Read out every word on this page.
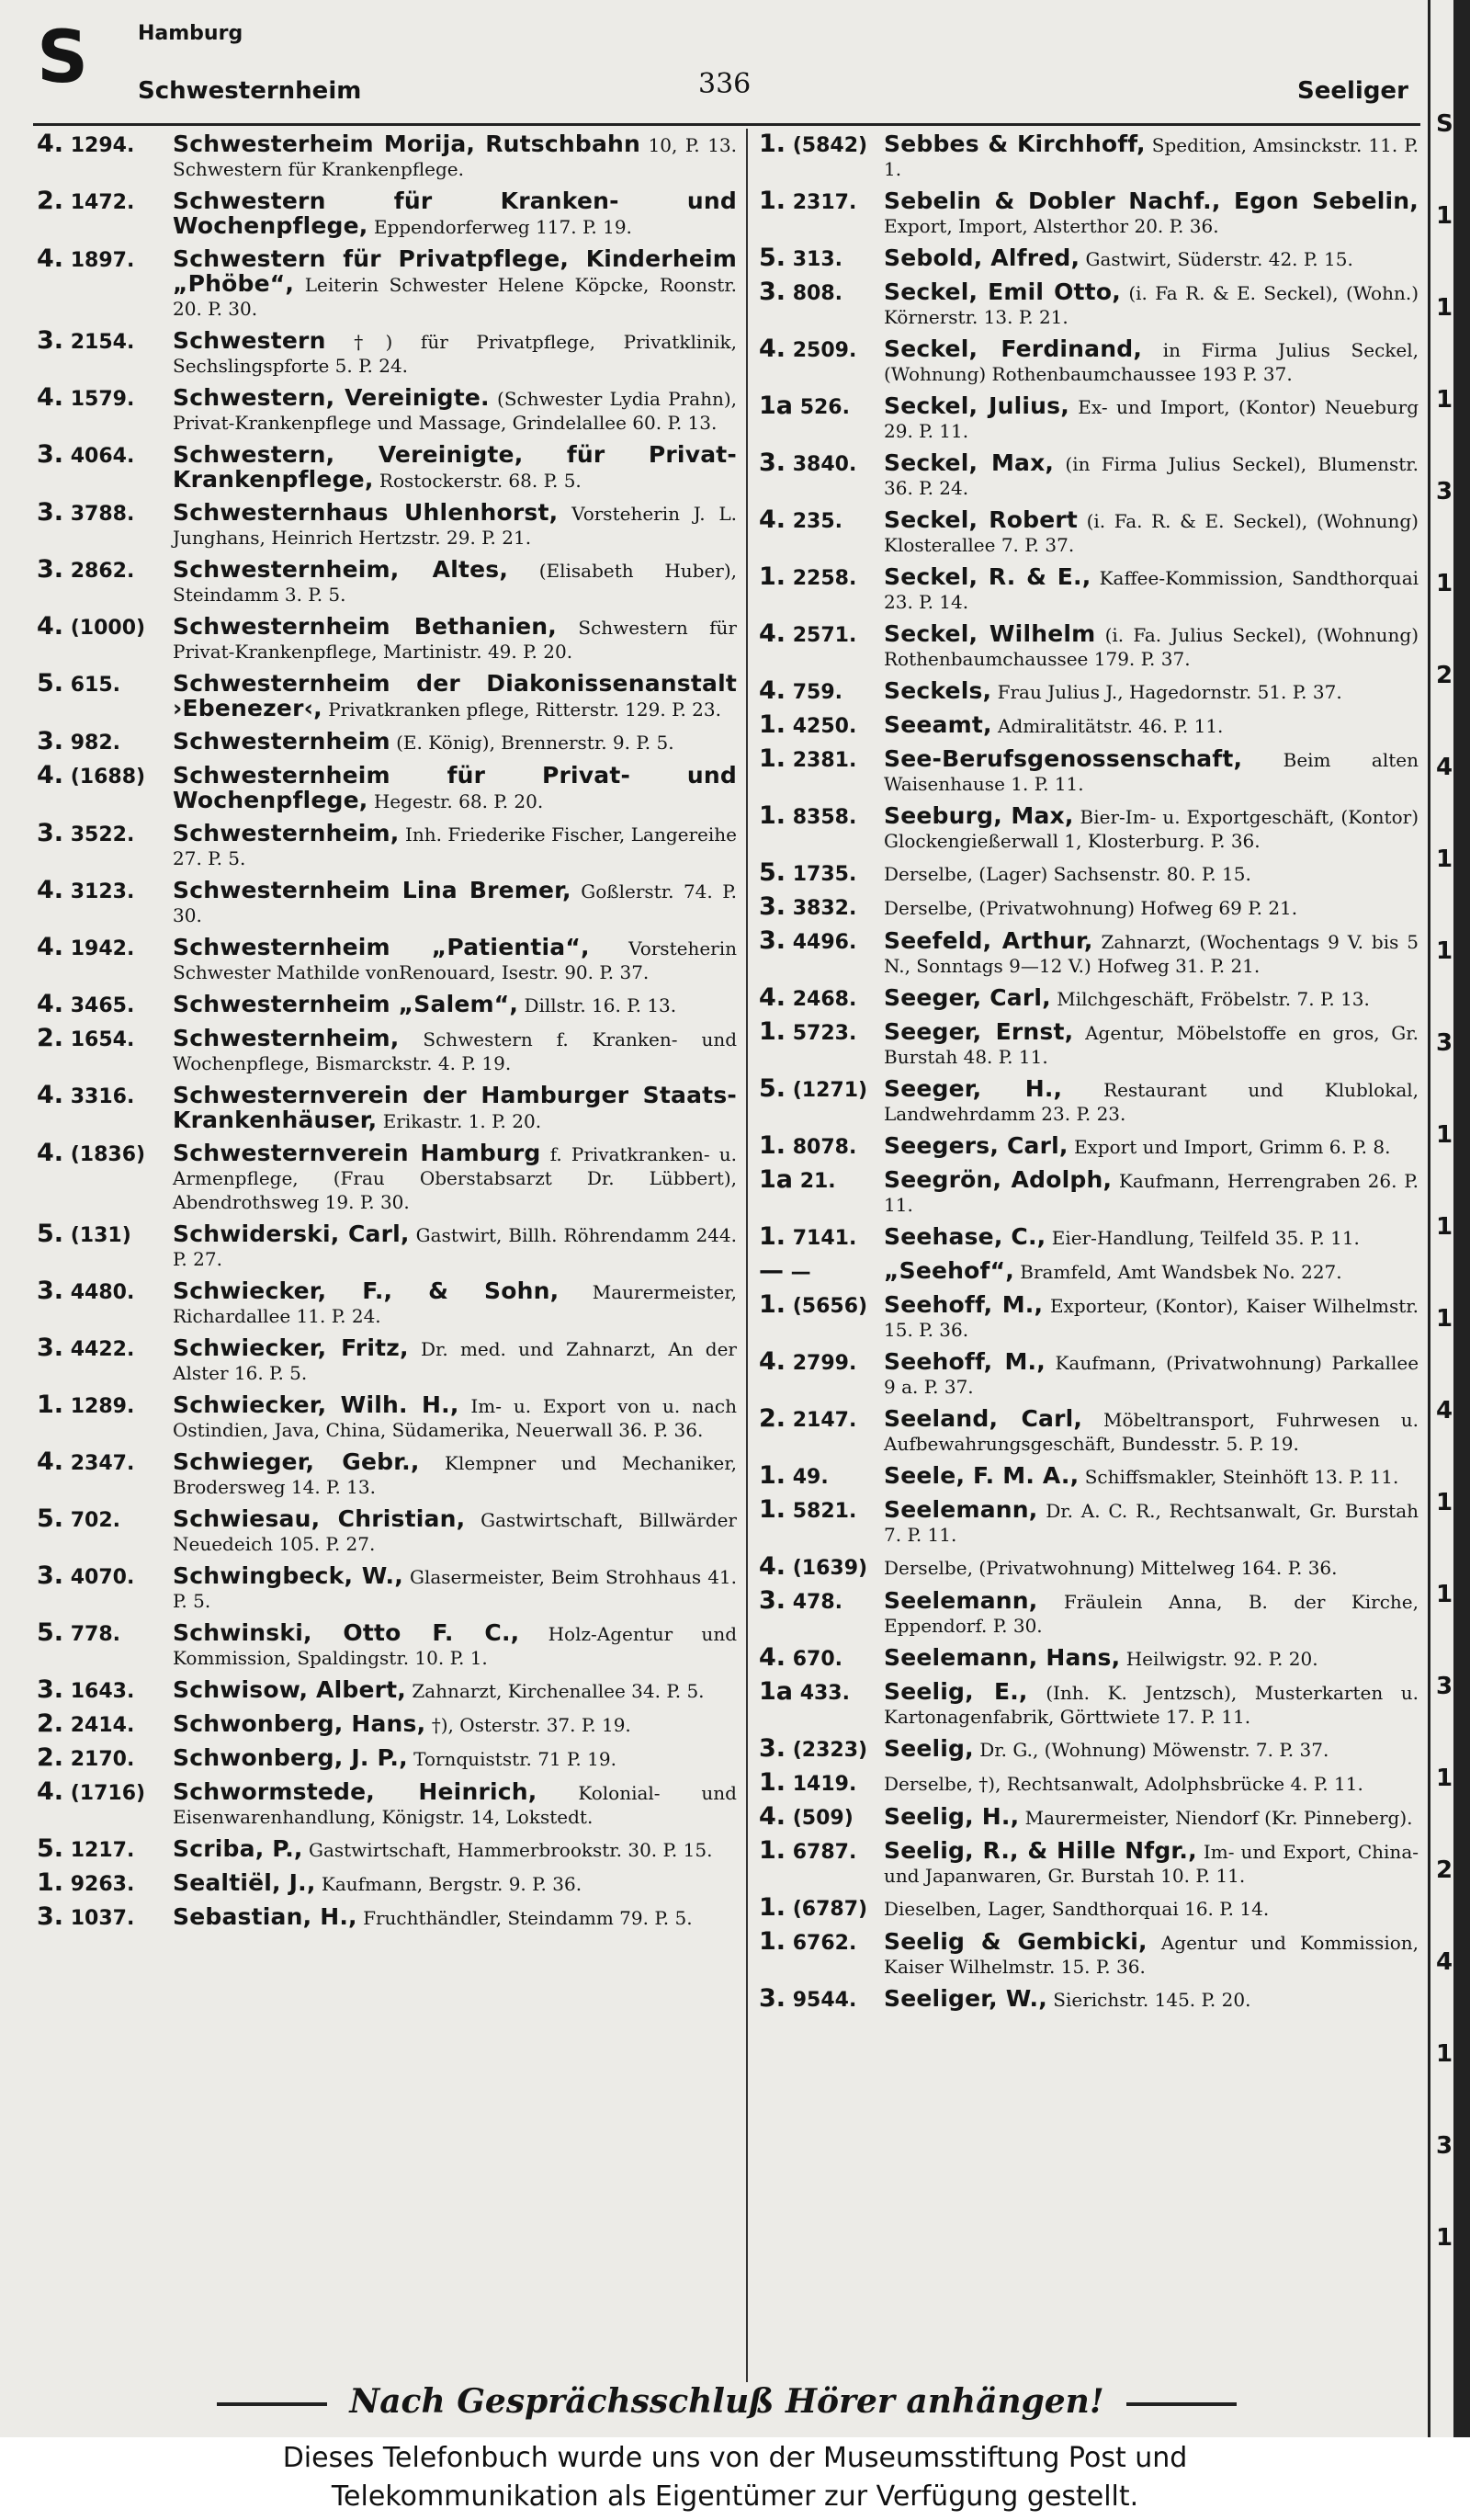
S Hamburg
Schwesternheim	336	Seeliger
4. 1294.	Schwesterheim Morija, Rutschbahn 10, P. 13. Schwestern für Krankenpflege.
2. 1472.	Schwestern für Kranken- und Wochenpflege, Eppendorferweg 117. P. 19.
4. 1897.	Schwestern für Privatpflege, Kinderheim „Phöbe“, Leiterin Schwester Helene Köpcke, Roonstr. 20. P. 30.
3. 2154.	Schwestern †) für Privatpflege, Privatklinik, Sechslingspforte 5. P. 24.
4. 1579.	Schwestern, Vereinigte. (Schwester Lydia Prahn), Privat-Krankenpflege und Massage, Grindelallee 60. P. 13.
3. 4064.	Schwestern, Vereinigte, für Privat-Krankenpflege, Rostockerstr. 68. P. 5.
3. 3788.	Schwesternhaus Uhlenhorst, Vorsteherin J. L. Junghans, Heinrich Hertzstr. 29. P. 21.
3. 2862.	Schwesternheim, Altes, (Elisabeth Huber), Steindamm 3. P. 5.
4. (1000)	Schwesternheim Bethanien, Schwestern für Privat-Krankenpflege, Martinistr. 49. P. 20.
5. 615.	Schwesternheim der Diakonissenanstalt ›Ebenezer‹, Privatkranken pflege, Ritterstr. 129. P. 23.
3. 982.	Schwesternheim (E. König), Brennerstr. 9. P. 5.
4. (1688)	Schwesternheim für Privat- und Wochenpflege, Hegestr. 68. P. 20.
3. 3522.	Schwesternheim, Inh. Friederike Fischer, Langereihe 27. P. 5.
4. 3123.	Schwesternheim Lina Bremer, Goßlerstr. 74. P. 30.
4. 1942.	Schwesternheim „Patientia“, Vorsteherin Schwester Mathilde vonRenouard, Isestr. 90. P. 37.
4. 3465.	Schwesternheim „Salem“, Dillstr. 16. P. 13.
2. 1654.	Schwesternheim, Schwestern f. Kranken- und Wochenpflege, Bismarckstr. 4. P. 19.
4. 3316.	Schwesternverein der Hamburger Staats-Krankenhäuser, Erikastr. 1. P. 20.
4. (1836)	Schwesternverein Hamburg f. Privatkranken- u. Armenpflege, (Frau Oberstabsarzt Dr. Lübbert), Abendrothsweg 19. P. 30.
5. (131)	Schwiderski, Carl, Gastwirt, Billh. Röhrendamm 244. P. 27.
3. 4480.	Schwiecker, F., & Sohn, Maurermeister, Richardallee 11. P. 24.
3. 4422.	Schwiecker, Fritz, Dr. med. und Zahnarzt, An der Alster 16. P. 5.
1. 1289.	Schwiecker, Wilh. H., Im- u. Export von u. nach Ostindien, Java, China, Südamerika, Neuerwall 36. P. 36.
4. 2347.	Schwieger, Gebr., Klempner und Mechaniker, Brodersweg 14. P. 13.
5. 702.	Schwiesau, Christian, Gastwirtschaft, Billwärder Neuedeich 105. P. 27.
3. 4070.	Schwingbeck, W., Glasermeister, Beim Strohhaus 41. P. 5.
5. 778.	Schwinski, Otto F. C., Holz-Agentur und Kommission, Spaldingstr. 10. P. 1.
3. 1643.	Schwisow, Albert, Zahnarzt, Kirchenallee 34. P. 5.
2. 2414.	Schwonberg, Hans, †), Osterstr. 37. P. 19.
2. 2170.	Schwonberg, J. P., Tornquiststr. 71 P. 19.
4. (1716)	Schwormstede, Heinrich, Kolonial- und Eisenwarenhandlung, Königstr. 14, Lokstedt.
5. 1217.	Scriba, P., Gastwirtschaft, Hammerbrookstr. 30. P. 15.
1. 9263.	Sealtiël, J., Kaufmann, Bergstr. 9. P. 36.
3. 1037.	Sebastian, H., Fruchthändler, Steindamm 79. P. 5.
1. (5842) Sebbes & Kirchhoff, Spedition, Amsinckstr. 11. P. 1.
1. 2317.	Sebelin & Dobler Nachf., Egon Sebelin, Export, Import, Alsterthor 20. P. 36.
5. 313.	Sebold, Alfred, Gastwirt, Süderstr. 42. P. 15.
3. 808.	Seckel, Emil Otto, (i. Fa R. & E. Seckel), (Wohn.) Körnerstr. 13. P. 21.
4. 2509.	Seckel, Ferdinand, in Firma Julius Seckel, (Wohnung) Rothenbaumchaussee 193 P. 37.
1a 526.	Seckel, Julius, Ex- und Import, (Kontor) Neueburg 29. P. 11.
3. 3840.	Seckel, Max, (in Firma Julius Seckel), Blumenstr. 36. P. 24.
4. 235.	Seckel, Robert (i. Fa. R. & E. Seckel), (Wohnung) Klosterallee 7. P. 37.
1. 2258.	Seckel, R. & E., Kaffee-Kommission, Sandthorquai 23. P. 14.
4. 2571.	Seckel, Wilhelm (i. Fa. Julius Seckel), (Wohnung) Rothenbaumchaussee 179. P. 37.
4. 759.	Seckels, Frau Julius J., Hagedornstr. 51. P. 37.
1. 4250.	Seeamt, Admiralitätstr. 46. P. 11.
1. 2381.	See-Berufsgenossenschaft, Beim alten Waisenhause 1. P. 11.
1. 8358.	Seeburg, Max, Bier-Im- u. Exportgeschäft, (Kontor) Glockengießerwall 1, Klosterburg. P. 36.
5. 1735.	Derselbe, (Lager) Sachsenstr. 80. P. 15.
3. 3832.	Derselbe, (Privatwohnung) Hofweg 69 P. 21.
3. 4496.	Seefeld, Arthur, Zahnarzt, (Wochentags 9 V. bis 5 N., Sonntags 9—12 V.) Hofweg 31. P. 21.
4. 2468.	Seeger, Carl, Milchgeschäft, Fröbelstr. 7. P. 13.
1. 5723.	Seeger, Ernst, Agentur, Möbelstoffe en gros, Gr. Burstah 48. P. 11.
5. (1271) Seeger, H., Restaurant und Klublokal, Landwehrdamm 23. P. 23.
1. 8078.	Seegers, Carl, Export und Import, Grimm 6. P. 8.
1a 21.	Seegrön, Adolph, Kaufmann, Herrengraben 26. P. 11.
1. 7141.	Seehase, C., Eier-Handlung, Teilfeld 35. P. 11.
— —	„Seehof“, Bramfeld, Amt Wandsbek No. 227.
1. (5656) Seehoff, M., Exporteur, (Kontor), Kaiser Wilhelmstr. 15. P. 36.
4. 2799.	Seehoff, M., Kaufmann, (Privatwohnung) Parkallee 9 a. P. 37.
2. 2147.	Seeland, Carl, Möbeltransport, Fuhrwesen u. Aufbewahrungsgeschäft, Bundesstr. 5. P. 19.
1. 49.	Seele, F. M. A., Schiffsmakler, Steinhöft 13. P. 11.
1. 5821.	Seelemann, Dr. A. C. R., Rechtsanwalt, Gr. Burstah 7. P. 11.
4. (1639) Derselbe, (Privatwohnung) Mittelweg 164. P. 36.
3. 478.	Seelemann, Fräulein Anna, B. der Kirche, Eppendorf. P. 30.
4. 670.	Seelemann, Hans, Heilwigstr. 92. P. 20.
1a 433.	Seelig, E., (Inh. K. Jentzsch), Musterkarten u. Kartonagenfabrik, Görttwiete 17. P. 11.
3. (2323) Seelig, Dr. G., (Wohnung) Möwenstr. 7. P. 37.
1. 1419.	Derselbe, †), Rechtsanwalt, Adolphsbrücke 4. P. 11.
4. (509)	Seelig, H., Maurermeister, Niendorf (Kr. Pinneberg).
1. 6787.	Seelig, R., & Hille Nfgr., Im- und Export, China- und Japanwaren, Gr. Burstah 10. P. 11.
1. (6787) Dieselben, Lager, Sandthorquai 16. P. 14.
1. 6762.	Seelig & Gembicki, Agentur und Kommission, Kaiser Wilhelmstr. 15. P. 36.
3. 9544.	Seeliger, W., Sierichstr. 145. P. 20.
S
1
1
1
3
1
2
4
1
1
3
1
1
1
4
1
1
3
1
2
4
1
3
1
Nach Gesprächsschluß Hörer anhängen!
Dieses Telefonbuch wurde uns von der Museumsstiftung Post und
Telekommunikation als Eigentümer zur Verfügung gestellt.
